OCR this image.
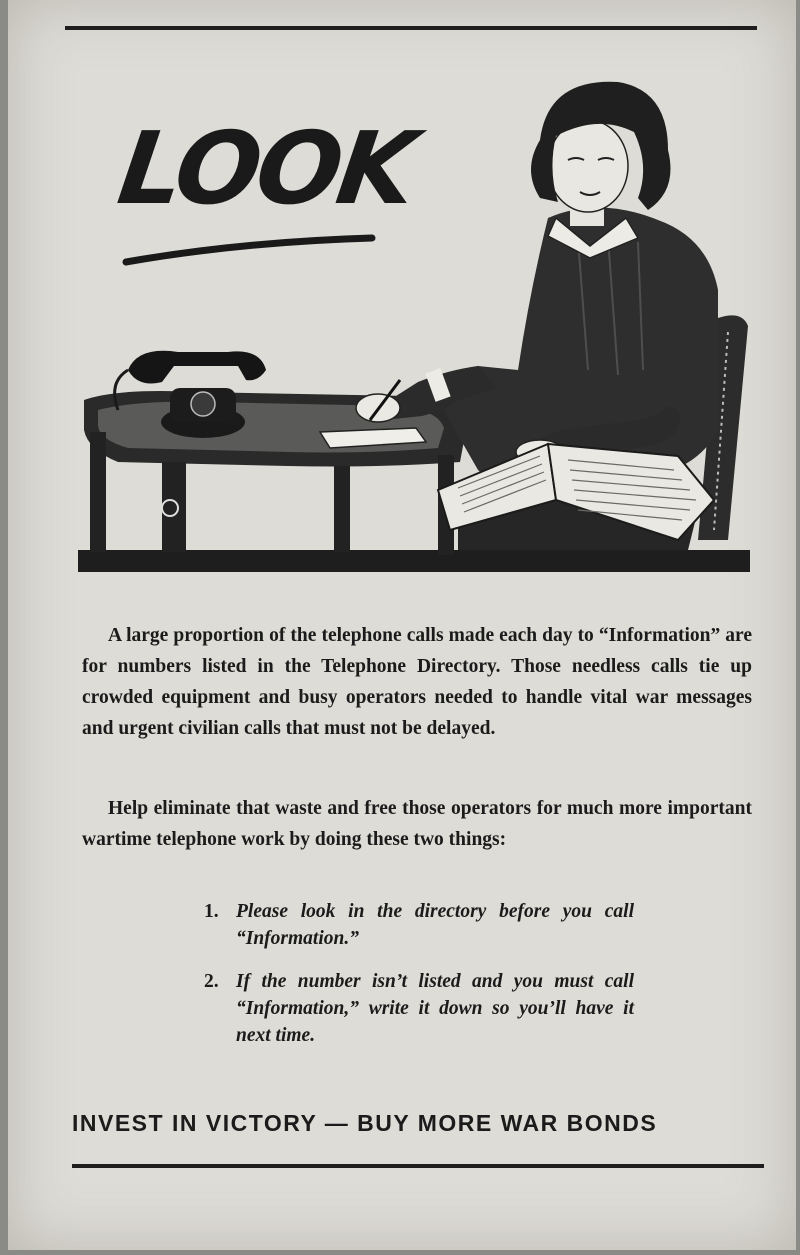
LOOK

A large proportion of the telephone calls made each day to “Information” are for numbers listed in the Telephone Directory. Those needless calls tie up crowded equipment and busy operators needed to handle vital war messages and urgent civilian calls that must not be delayed.

Help eliminate that waste and free those operators for much more important wartime telephone work by doing these two things:

1. Please look in the directory before you call “Information.”
2. If the number isn’t listed and you must call “Information,” write it down so you’ll have it next time.
INVEST IN VICTORY — BUY MORE WAR BONDS
